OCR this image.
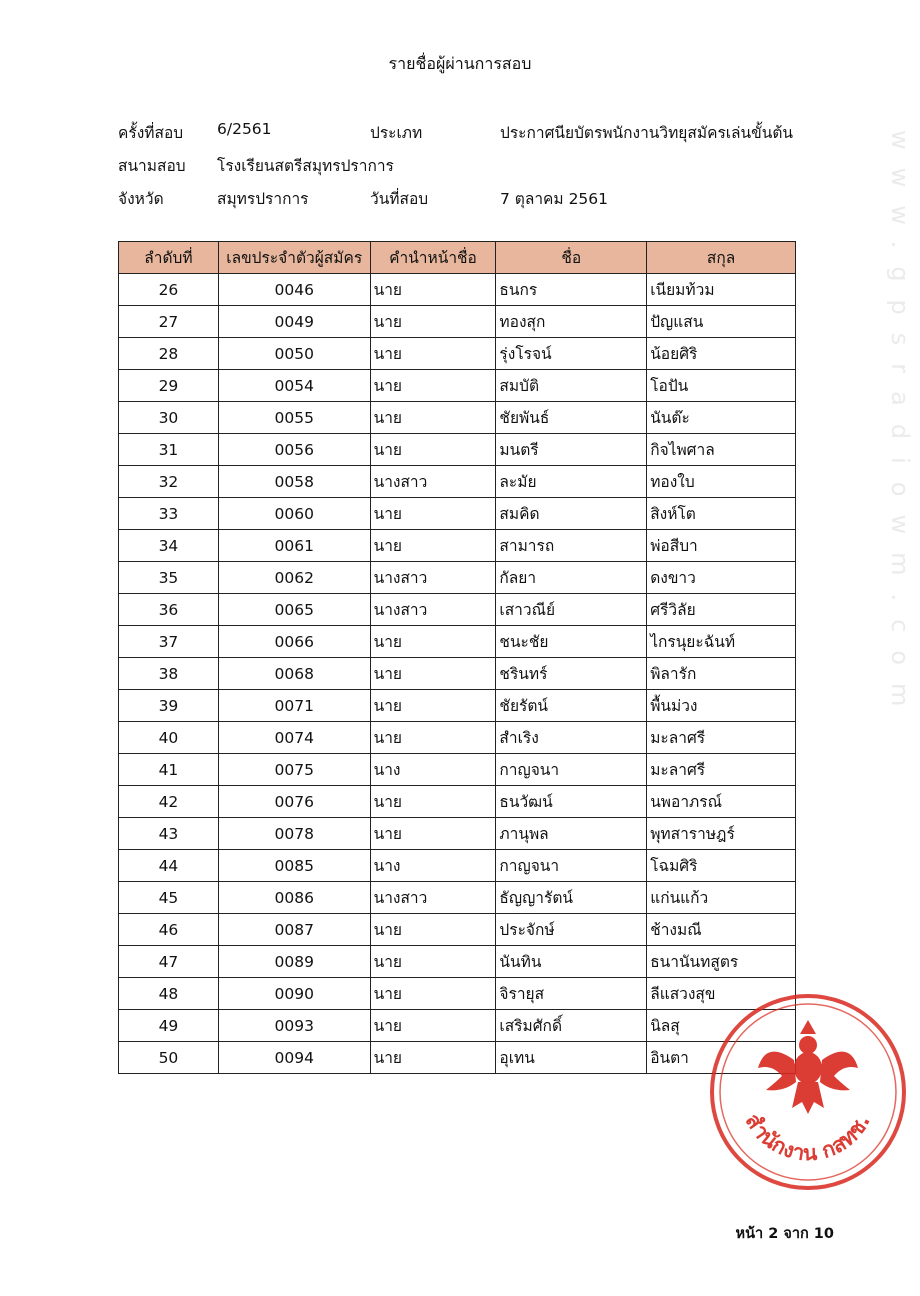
รายชื่อผู้ผ่านการสอบ
ครั้งที่สอบ 6/2561	ประเภท	ประกาศนียบัตรพนักงานวิทยุสมัครเล่นขั้นต้น
สนามสอบ โรงเรียนสตรีสมุทรปราการ
จังหวัด	สมุทรปราการ	วันที่สอบ	7 ตุลาคม 2561
ลำดับที่	เลขประจำตัวผู้สมัคร	คำนำหน้าชื่อ	ชื่อ	สกุล
26	0046	นาย	ธนกร	เนียมท้วม
27	0049	นาย	ทองสุก	ปัญแสน
28	0050	นาย	รุ่งโรจน์	น้อยศิริ
29	0054	นาย	สมบัติ	โอปัน
30	0055	นาย	ชัยพันธ์	นันต๊ะ
31	0056	นาย	มนตรี	กิจไพศาล
32	0058	นางสาว	ละมัย	ทองใบ
33	0060	นาย	สมคิด	สิงห์โต
34	0061	นาย	สามารถ	พ่อสีบา
35	0062	นางสาว	กัลยา	ดงขาว
36	0065	นางสาว	เสาวณีย์	ศรีวิลัย
37	0066	นาย	ชนะชัย	ไกรนุยะฉันท์
38	0068	นาย	ชรินทร์	พิลารัก
39	0071	นาย	ชัยรัตน์	พื้นม่วง
40	0074	นาย	สำเริง	มะลาศรี
41	0075	นาง	กาญจนา	มะลาศรี
42	0076	นาย	ธนวัฒน์	นพอาภรณ์
43	0078	นาย	ภานุพล	พุทสาราษฎร์
44	0085	นาง	กาญจนา	โฉมศิริ
45	0086	นางสาว	ธัญญารัตน์	แก่นแก้ว
46	0087	นาย	ประจักษ์	ช้างมณี
47	0089	นาย	นันทิน	ธนานันทสูตร
48	0090	นาย	จิรายุส	ลีแสวงสุข
49	0093	นาย	เสริมศักดิ์	นิลสุ
50	0094	นาย	อุเทน	อินตา
www.gpsradiowm.com
สำนักงาน กสทช.
หน้า 2 จาก 10
